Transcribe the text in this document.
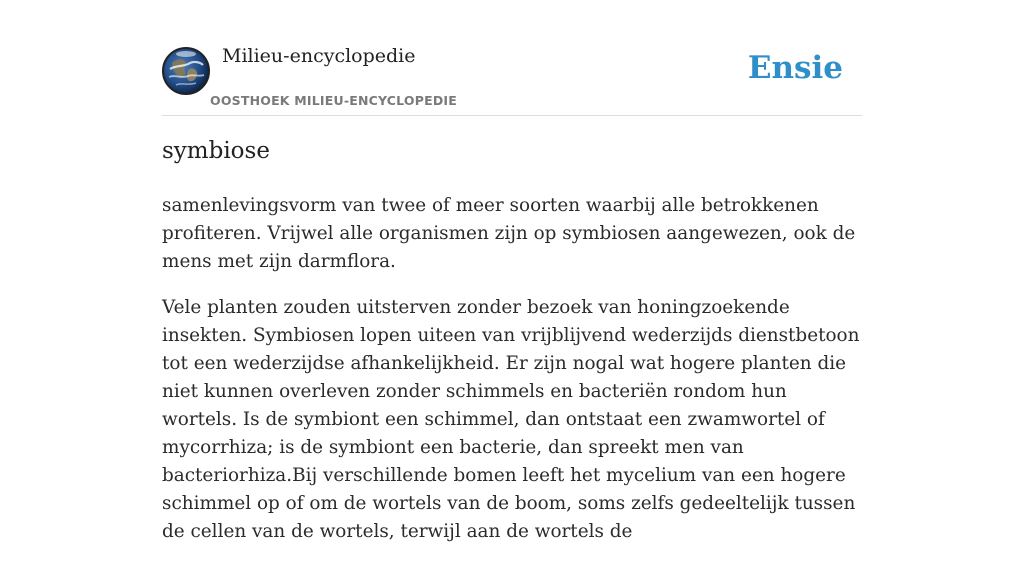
Milieu-encyclopedie
OOSTHOEK MILIEU-ENCYCLOPEDIE
Ensie
symbiose

samenlevingsvorm van twee of meer soorten waarbij alle betrokkenen profiteren. Vrijwel alle organismen zijn op symbiosen aangewezen, ook de mens met zijn darmflora.

Vele planten zouden uitsterven zonder bezoek van honingzoekende insekten. Symbiosen lopen uiteen van vrijblijvend wederzijds dienstbetoon tot een wederzijdse afhankelijkheid. Er zijn nogal wat hogere planten die niet kunnen overleven zonder schimmels en bacteriën rondom hun wortels. Is de symbiont een schimmel, dan ontstaat een zwamwortel of mycorrhiza; is de symbiont een bacterie, dan spreekt men van bacteriorhiza.Bij verschillende bomen leeft het mycelium van een hogere schimmel op of om de wortels van de boom, soms zelfs gedeeltelijk tussen de cellen van de wortels, terwijl aan de wortels de
